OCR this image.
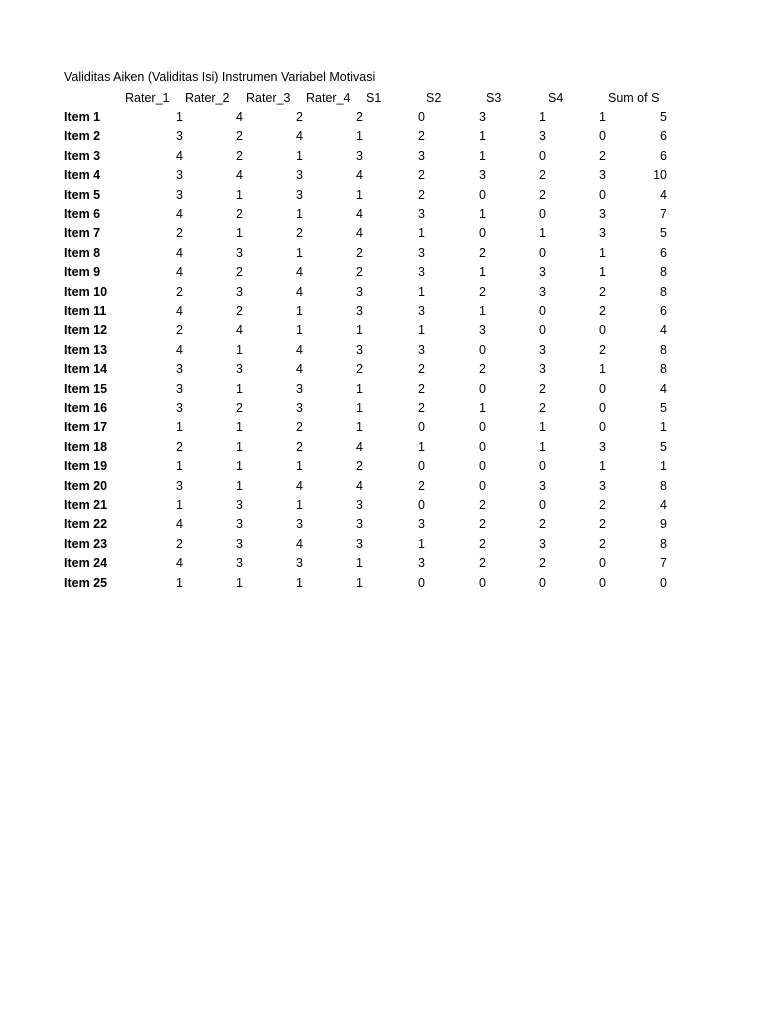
Validitas Aiken (Validitas Isi) Instrumen Variabel Motivasi
Rater_1 Rater_2 Rater_3 Rater_4 S1	S2	S3	S4	Sum of S
Item 1	1	4	2	2	0	3	1	1	5
Item 2	3	2	4	1	2	1	3	0	6
Item 3	4	2	1	3	3	1	0	2	6
Item 4	3	4	3	4	2	3	2	3	10
Item 5	3	1	3	1	2	0	2	0	4
Item 6	4	2	1	4	3	1	0	3	7
Item 7	2	1	2	4	1	0	1	3	5
Item 8	4	3	1	2	3	2	0	1	6
Item 9	4	2	4	2	3	1	3	1	8
Item 10	2	3	4	3	1	2	3	2	8
Item 11	4	2	1	3	3	1	0	2	6
Item 12	2	4	1	1	1	3	0	0	4
Item 13	4	1	4	3	3	0	3	2	8
Item 14	3	3	4	2	2	2	3	1	8
Item 15	3	1	3	1	2	0	2	0	4
Item 16	3	2	3	1	2	1	2	0	5
Item 17	1	1	2	1	0	0	1	0	1
Item 18	2	1	2	4	1	0	1	3	5
Item 19	1	1	1	2	0	0	0	1	1
Item 20	3	1	4	4	2	0	3	3	8
Item 21	1	3	1	3	0	2	0	2	4
Item 22	4	3	3	3	3	2	2	2	9
Item 23	2	3	4	3	1	2	3	2	8
Item 24	4	3	3	1	3	2	2	0	7
Item 25	1	1	1	1	0	0	0	0	0
